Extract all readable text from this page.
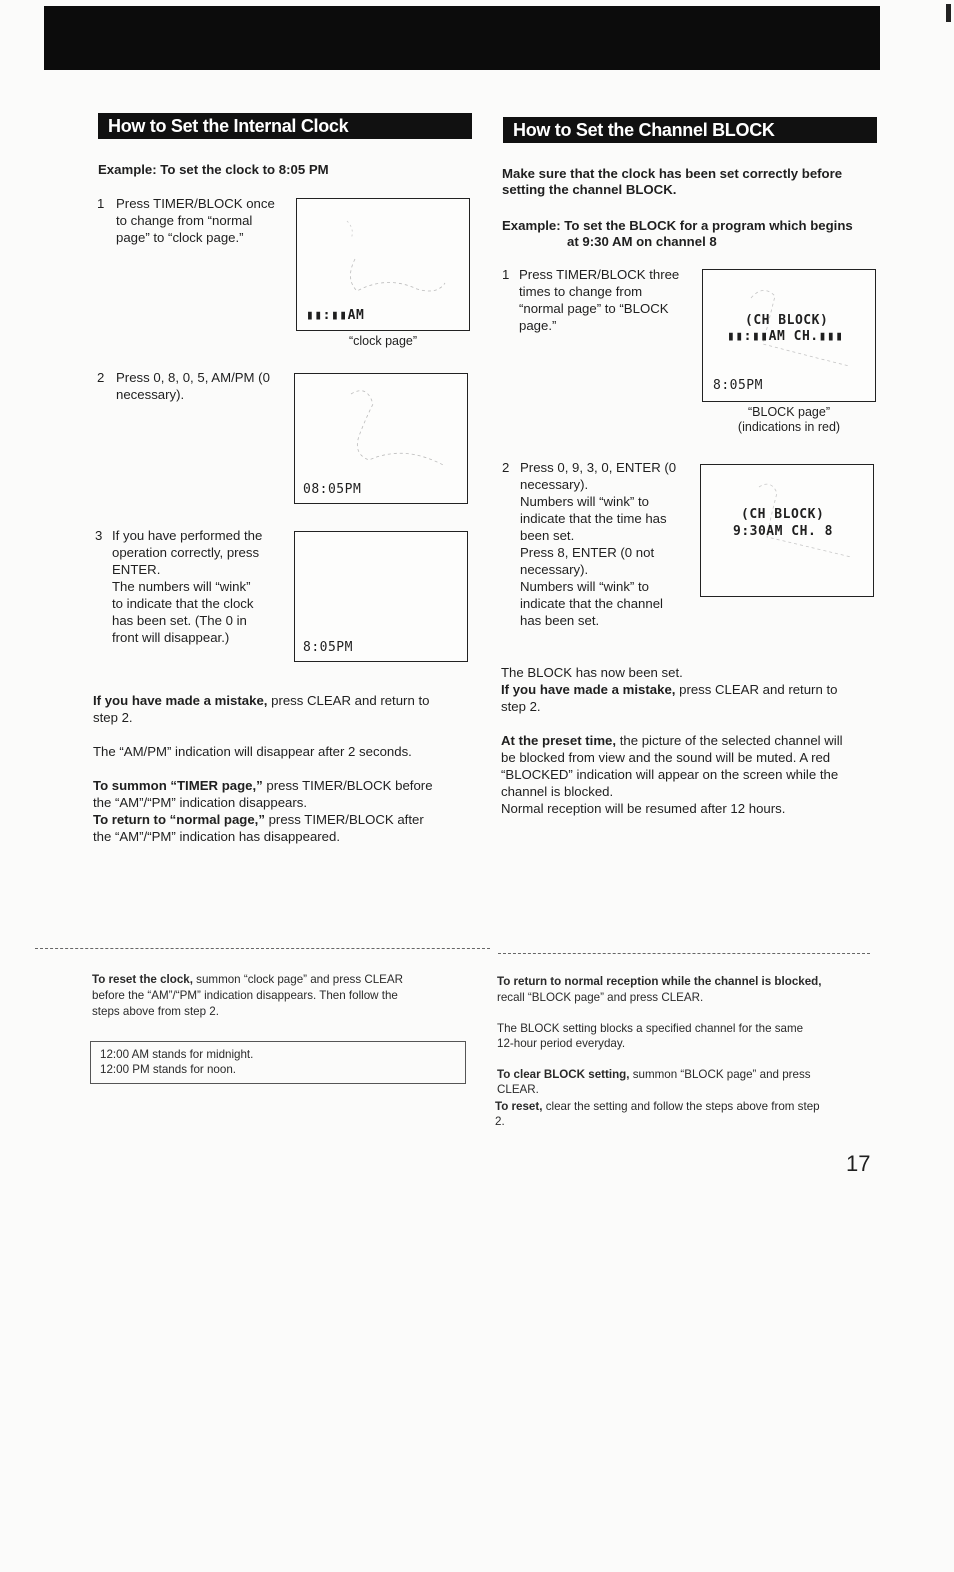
How to Set the Internal Clock
Example: To set the clock to 8:05 PM
1 Press TIMER/BLOCK once
to change from “normal
page” to “clock page.”
▮▮:▮▮AM
“clock page”
2 Press 0, 8, 0, 5, AM/PM (0
necessary).
08:05PM
3 If you have performed the
operation correctly, press
ENTER.
The numbers will “wink”
to indicate that the clock
has been set. (The 0 in
front will disappear.)
8:05PM
If you have made a mistake, press CLEAR and return to
step 2.
The “AM/PM” indication will disappear after 2 seconds.
To summon “TIMER page,” press TIMER/BLOCK before
the “AM”/“PM” indication disappears.
To return to “normal page,” press TIMER/BLOCK after
the “AM”/“PM” indication has disappeared.
How to Set the Channel BLOCK
Make sure that the clock has been set correctly before
setting the channel BLOCK.
Example: To set the BLOCK for a program which begins
at 9:30 AM on channel 8
1 Press TIMER/BLOCK three
times to change from
“normal page” to “BLOCK
page.”	(CH BLOCK)
▮▮:▮▮AM CH.▮▮▮
8:05PM
“BLOCK page”
(indications in red)
2 Press 0, 9, 3, 0, ENTER (0
necessary).
Numbers will “wink” to
indicate that the time has
been set.
Press 8, ENTER (0 not
necessary).
Numbers will “wink” to
indicate that the channel
has been set.
(CH BLOCK)
9:30AM CH. 8
The BLOCK has now been set.
If you have made a mistake, press CLEAR and return to
step 2.
At the preset time, the picture of the selected channel will
be blocked from view and the sound will be muted. A red
“BLOCKED” indication will appear on the screen while the
channel is blocked.
Normal reception will be resumed after 12 hours.
To reset the clock, summon “clock page” and press CLEAR
before the “AM”/“PM” indication disappears. Then follow the
steps above from step 2.
12:00 AM stands for midnight.
12:00 PM stands for noon.
To return to normal reception while the channel is blocked,
recall “BLOCK page” and press CLEAR.
The BLOCK setting blocks a specified channel for the same
12-hour period everyday.
To clear BLOCK setting, summon “BLOCK page” and press
CLEAR.
To reset, clear the setting and follow the steps above from step
2.
17
